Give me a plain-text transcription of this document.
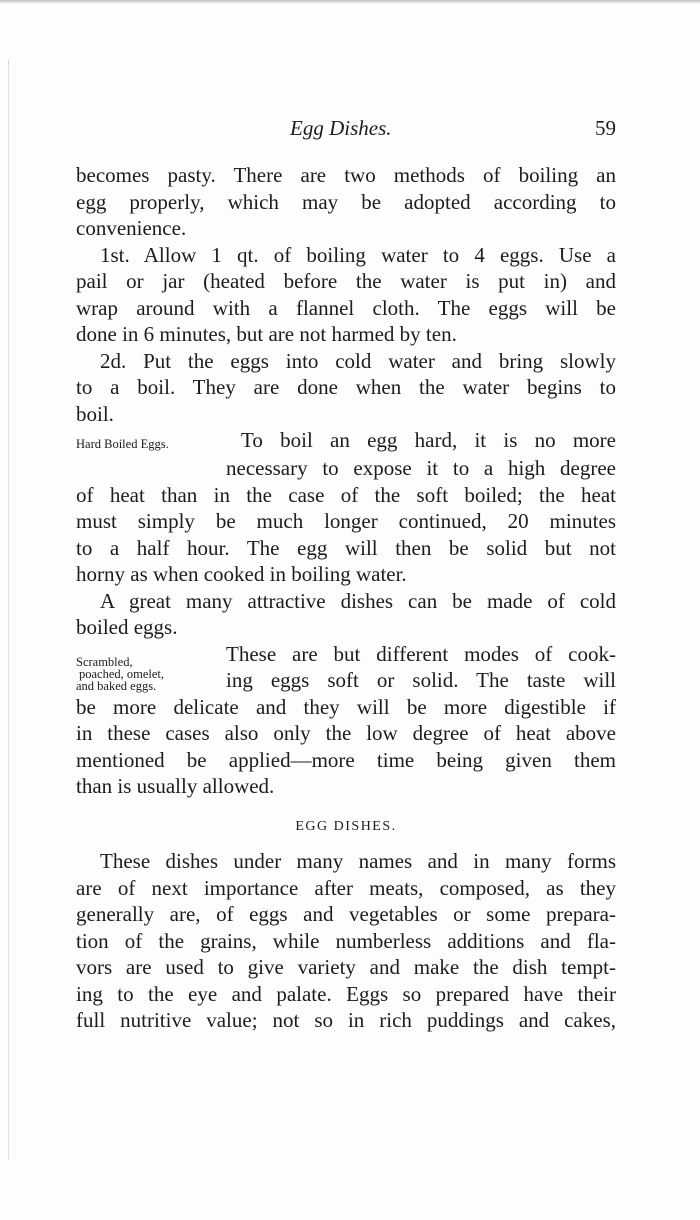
Egg Dishes.	59

becomes pasty. There are two methods of boiling an
egg properly, which may be adopted according to
convenience.

1st. Allow 1 qt. of boiling water to 4 eggs. Use a
pail or jar (heated before the water is put in) and
wrap around with a flannel cloth. The eggs will be
done in 6 minutes, but are not harmed by ten.

2d. Put the eggs into cold water and bring slowly
to a boil. They are done when the water begins to
boil.

Hard Boiled Eggs.	To boil an egg hard, it is no more
necessary to expose it to a high degree
of heat than in the case of the soft boiled; the heat
must simply be much longer continued, 20 minutes
to a half hour. The egg will then be solid but not
horny as when cooked in boiling water.

A great many attractive dishes can be made of cold
boiled eggs.

Scrambled,
poached, omelet,
and baked eggs.
These are but different modes of cook-
ing eggs soft or solid. The taste will
be more delicate and they will be more digestible if
in these cases also only the low degree of heat above
mentioned be applied—more time being given them
than is usually allowed.
EGG DISHES.

These dishes under many names and in many forms
are of next importance after meats, composed, as they
generally are, of eggs and vegetables or some prepara-
tion of the grains, while numberless additions and fla-
vors are used to give variety and make the dish tempt-
ing to the eye and palate. Eggs so prepared have their
full nutritive value; not so in rich puddings and cakes,
